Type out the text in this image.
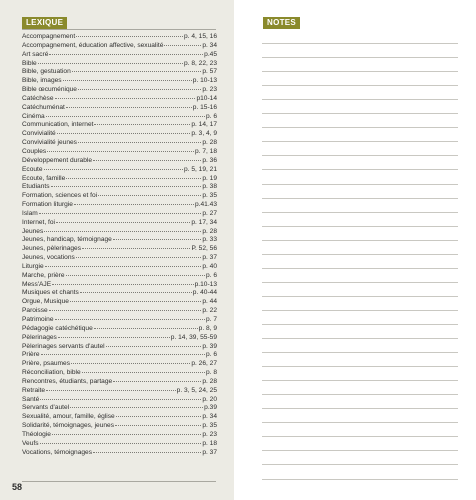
LEXIQUE
Accompagnement	p. 4, 15, 16
Accompagnement, éducation affective, sexualité	p. 34
Art sacré	p.45
Bible	p. 8, 22, 23
Bible, gestuation	p. 57
Bible, images	p. 10-13
Bible œcuménique	p. 23
Catéchèse	p10-14
Catéchuménat	p. 15-16
Cinéma	p. 6
Communication, internet	p. 14, 17
Convivialité	p. 3, 4, 9
Convivialité jeunes	p. 28
Couples	p. 7, 18
Développement durable	p. 36
Ecoute	p. 5, 19, 21
Ecoute, famille	p. 19
Etudiants	p. 38
Formation, sciences et foi	p. 35
Formation liturgie	p.41.43
Islam	p. 27
Internet, foi	p. 17, 34
Jeunes	p. 28
Jeunes, handicap, témoignage	p. 33
Jeunes, pèlerinages	P. 52, 56
Jeunes, vocations	p. 37
Liturgie	p. 40
Marche, prière	p. 6
Mess'AJE	p.10-13
Musiques et chants	p. 40-44
Orgue, Musique	p. 44
Paroisse	p. 22
Patrimoine	p. 7
Pédagogie catéchétique	p. 8, 9
Pèlerinages	p. 14, 39, 55-59
Pèlerinages servants d'autel	p. 39
Prière	p. 6
Prière, psaumes	p. 26, 27
Réconciliation, bible	p. 8
Rencontres, étudiants, partage	p. 28
Retraite	p. 3, 5, 24, 25
Santé	p. 20
Servants d'autel	p.39
Sexualité, amour, famille, église	p. 34
Solidarité, témoignages, jeunes	p. 35
Théologie	p. 23
Veufs	p. 18
Vocations, témoignages	p. 37
58
NOTES
